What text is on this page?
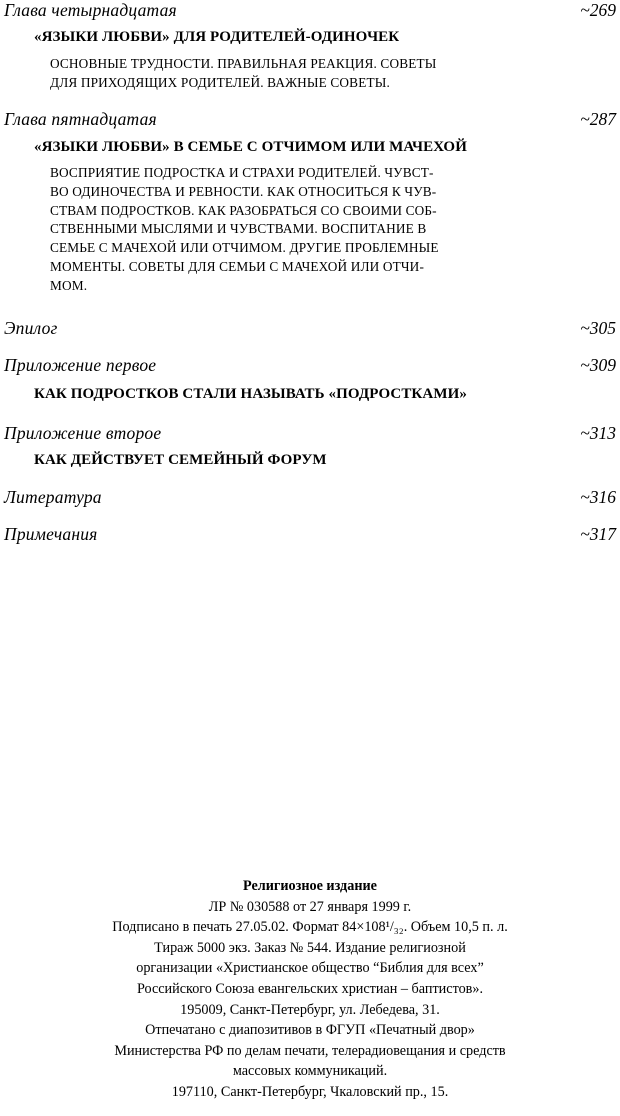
Глава четырнадцатая	~269
«ЯЗЫКИ ЛЮБВИ» ДЛЯ РОДИТЕЛЕЙ-ОДИНОЧЕК
ОСНОВНЫЕ ТРУДНОСТИ. ПРАВИЛЬНАЯ РЕАКЦИЯ. СОВЕТЫ
ДЛЯ ПРИХОДЯЩИХ РОДИТЕЛЕЙ. ВАЖНЫЕ СОВЕТЫ.
Глава пятнадцатая	~287
«ЯЗЫКИ ЛЮБВИ» В СЕМЬЕ С ОТЧИМОМ ИЛИ МАЧЕХОЙ
ВОСПРИЯТИЕ ПОДРОСТКА И СТРАХИ РОДИТЕЛЕЙ. ЧУВСТ-
ВО ОДИНОЧЕСТВА И РЕВНОСТИ. КАК ОТНОСИТЬСЯ К ЧУВ-
СТВАМ ПОДРОСТКОВ. КАК РАЗОБРАТЬСЯ СО СВОИМИ СОБ-
СТВЕННЫМИ МЫСЛЯМИ И ЧУВСТВАМИ. ВОСПИТАНИЕ В
СЕМЬЕ С МАЧЕХОЙ ИЛИ ОТЧИМОМ. ДРУГИЕ ПРОБЛЕМНЫЕ
МОМЕНТЫ. СОВЕТЫ ДЛЯ СЕМЬИ С МАЧЕХОЙ ИЛИ ОТЧИ-
МОМ.
Эпилог	~305
Приложение первое	~309
КАК ПОДРОСТКОВ СТАЛИ НАЗЫВАТЬ «ПОДРОСТКАМИ»
Приложение второе	~313
КАК ДЕЙСТВУЕТ СЕМЕЙНЫЙ ФОРУМ
Литература	~316
Примечания	~317
Религиозное издание
ЛР № 030588 от 27 января 1999 г.
Подписано в печать 27.05.02. Формат 84×108¹/₃₂. Объем 10,5 п. л.
Тираж 5000 экз. Заказ № 544. Издание религиозной
организации «Христианское общество “Библия для всех”
Российского Союза евангельских христиан – баптистов».
195009, Санкт-Петербург, ул. Лебедева, 31.
Отпечатано с диапозитивов в ФГУП «Печатный двор»
Министерства РФ по делам печати, телерадиовещания и средств
массовых коммуникаций.
197110, Санкт-Петербург, Чкаловский пр., 15.
